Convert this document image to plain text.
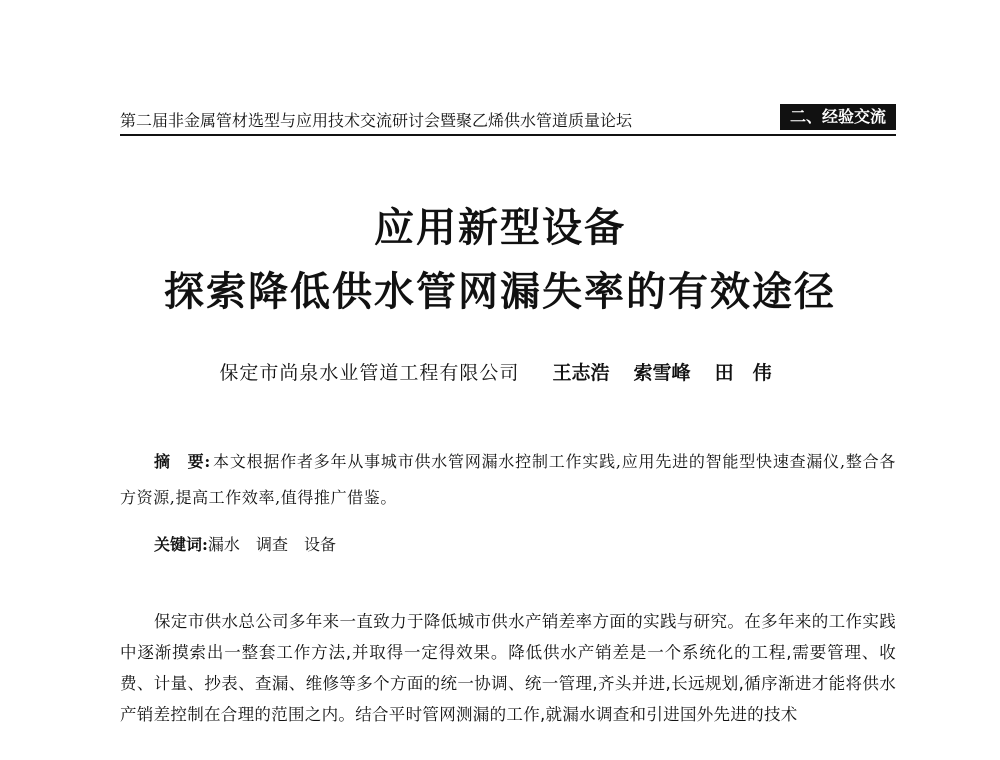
第二届非金属管材选型与应用技术交流研讨会暨聚乙烯供水管道质量论坛	二、经验交流
应用新型设备
探索降低供水管网漏失率的有效途径
保定市尚泉水业管道工程有限公司 王志浩 索雪峰 田　伟
摘　要: 本文根据作者多年从事城市供水管网漏水控制工作实践,应用先进的智能型快速查漏仪,整合各方资源,提高工作效率,值得推广借鉴。
关键词:漏水 调查 设备
保定市供水总公司多年来一直致力于降低城市供水产销差率方面的实践与研究。在多年来的工作实践中逐渐摸索出一整套工作方法,并取得一定得效果。降低供水产销差是一个系统化的工程,需要管理、收费、计量、抄表、查漏、维修等多个方面的统一协调、统一管理,齐头并进,长远规划,循序渐进才能将供水产销差控制在合理的范围之内。结合平时管网测漏的工作,就漏水调查和引进国外先进的技术
